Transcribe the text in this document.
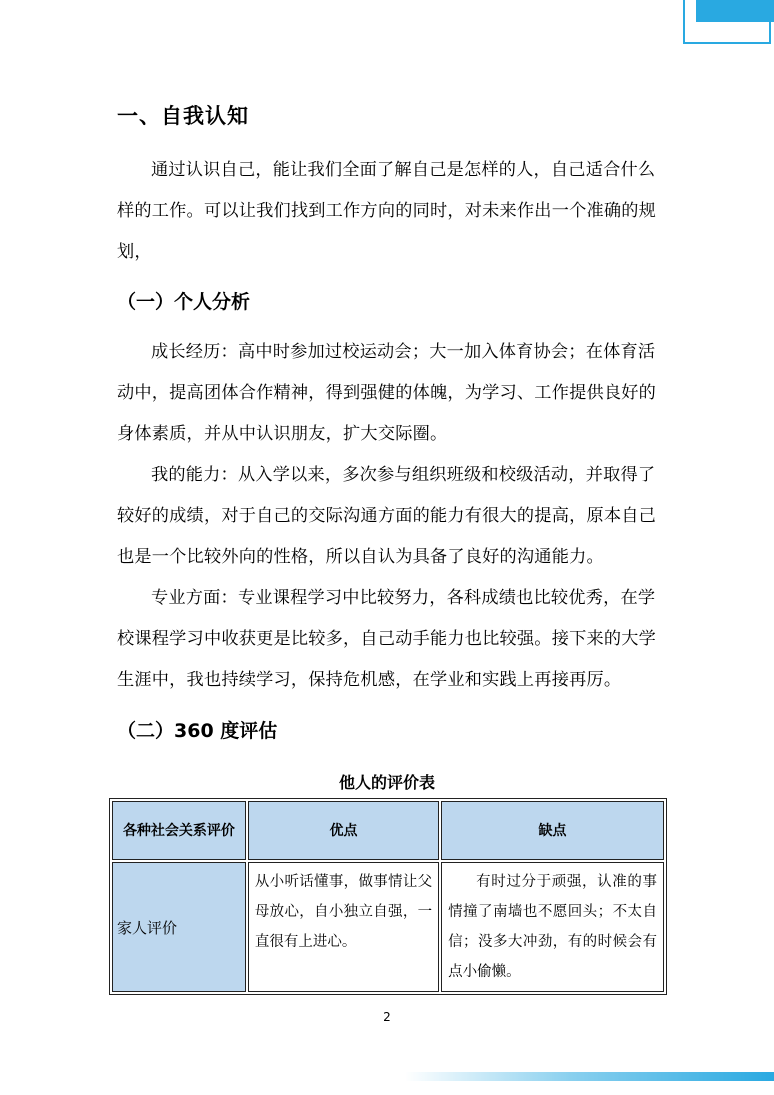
一、自我认知

通过认识自己，能让我们全面了解自己是怎样的人，自己适合什么样的工作。可以让我们找到工作方向的同时，对未来作出一个准确的规划，

（一）个人分析

成长经历：高中时参加过校运动会；大一加入体育协会；在体育活动中，提高团体合作精神，得到强健的体魄，为学习、工作提供良好的身体素质，并从中认识朋友，扩大交际圈。

我的能力：从入学以来，多次参与组织班级和校级活动，并取得了较好的成绩，对于自己的交际沟通方面的能力有很大的提高，原本自己也是一个比较外向的性格，所以自认为具备了良好的沟通能力。

专业方面：专业课程学习中比较努力，各科成绩也比较优秀，在学校课程学习中收获更是比较多，自己动手能力也比较强。接下来的大学生涯中，我也持续学习，保持危机感，在学业和实践上再接再厉。

（二）360 度评估
他人的评价表
各种社会关系评价	优点	缺点
家人评价	从小听话懂事，做事情让父母放心，自小独立自强，一直很有上进心。	有时过分于顽强，认准的事情撞了南墙也不愿回头；不太自信；没多大冲劲，有的时候会有点小偷懒。
2
